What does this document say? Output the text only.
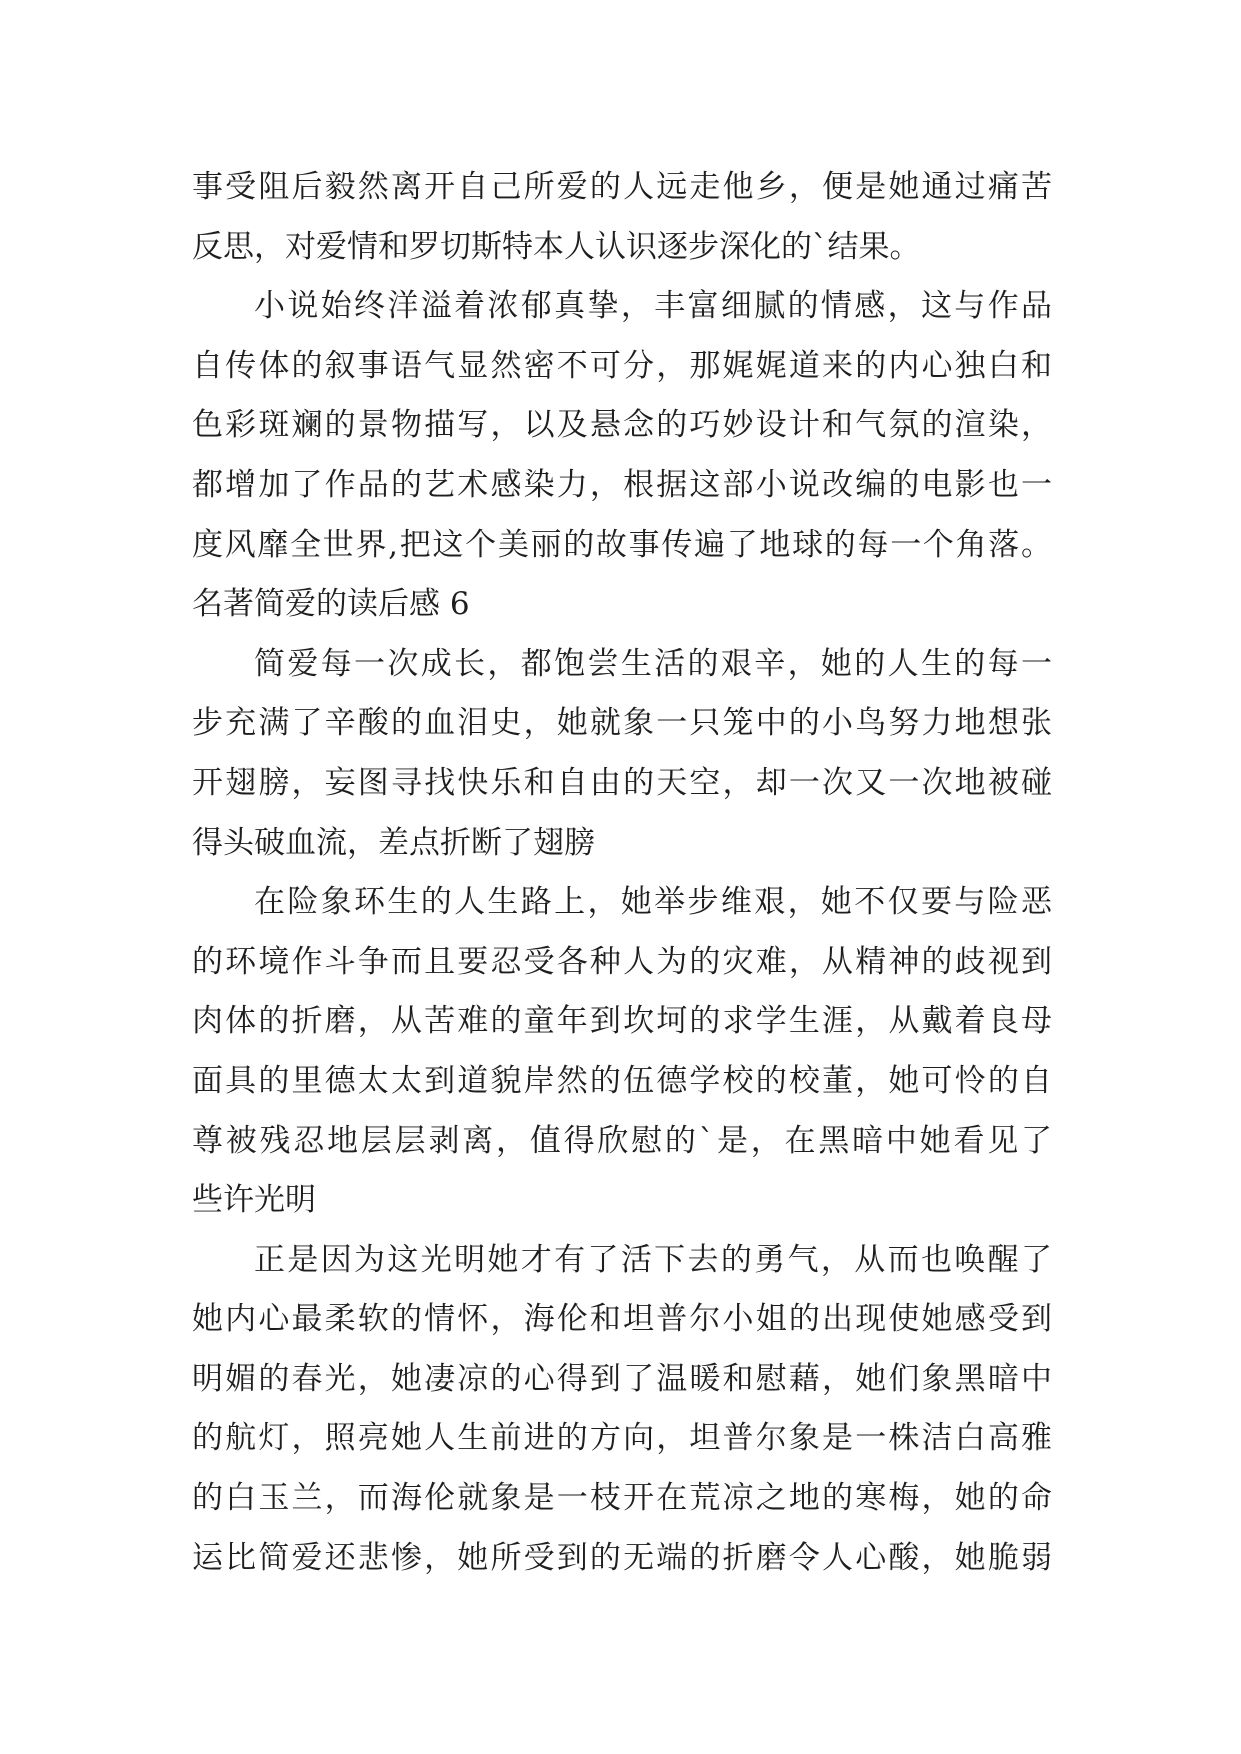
事受阻后毅然离开自己所爱的人远走他乡，便是她通过痛苦
反思，对爱情和罗切斯特本人认识逐步深化的`结果。
小说始终洋溢着浓郁真挚，丰富细腻的情感，这与作品
自传体的叙事语气显然密不可分，那娓娓道来的内心独白和
色彩斑斓的景物描写，以及悬念的巧妙设计和气氛的渲染，
都增加了作品的艺术感染力，根据这部小说改编的电影也一
度风靡全世界,把这个美丽的故事传遍了地球的每一个角落。
名著简爱的读后感 6
简爱每一次成长，都饱尝生活的艰辛，她的人生的每一
步充满了辛酸的血泪史，她就象一只笼中的小鸟努力地想张
开翅膀，妄图寻找快乐和自由的天空，却一次又一次地被碰
得头破血流，差点折断了翅膀
在险象环生的人生路上，她举步维艰，她不仅要与险恶
的环境作斗争而且要忍受各种人为的灾难，从精神的歧视到
肉体的折磨，从苦难的童年到坎坷的求学生涯，从戴着良母
面具的里德太太到道貌岸然的伍德学校的校董，她可怜的自
尊被残忍地层层剥离，值得欣慰的`是，在黑暗中她看见了
些许光明
正是因为这光明她才有了活下去的勇气，从而也唤醒了
她内心最柔软的情怀，海伦和坦普尔小姐的出现使她感受到
明媚的春光，她凄凉的心得到了温暖和慰藉，她们象黑暗中
的航灯，照亮她人生前进的方向，坦普尔象是一株洁白高雅
的白玉兰，而海伦就象是一枝开在荒凉之地的寒梅，她的命
运比简爱还悲惨，她所受到的无端的折磨令人心酸，她脆弱
